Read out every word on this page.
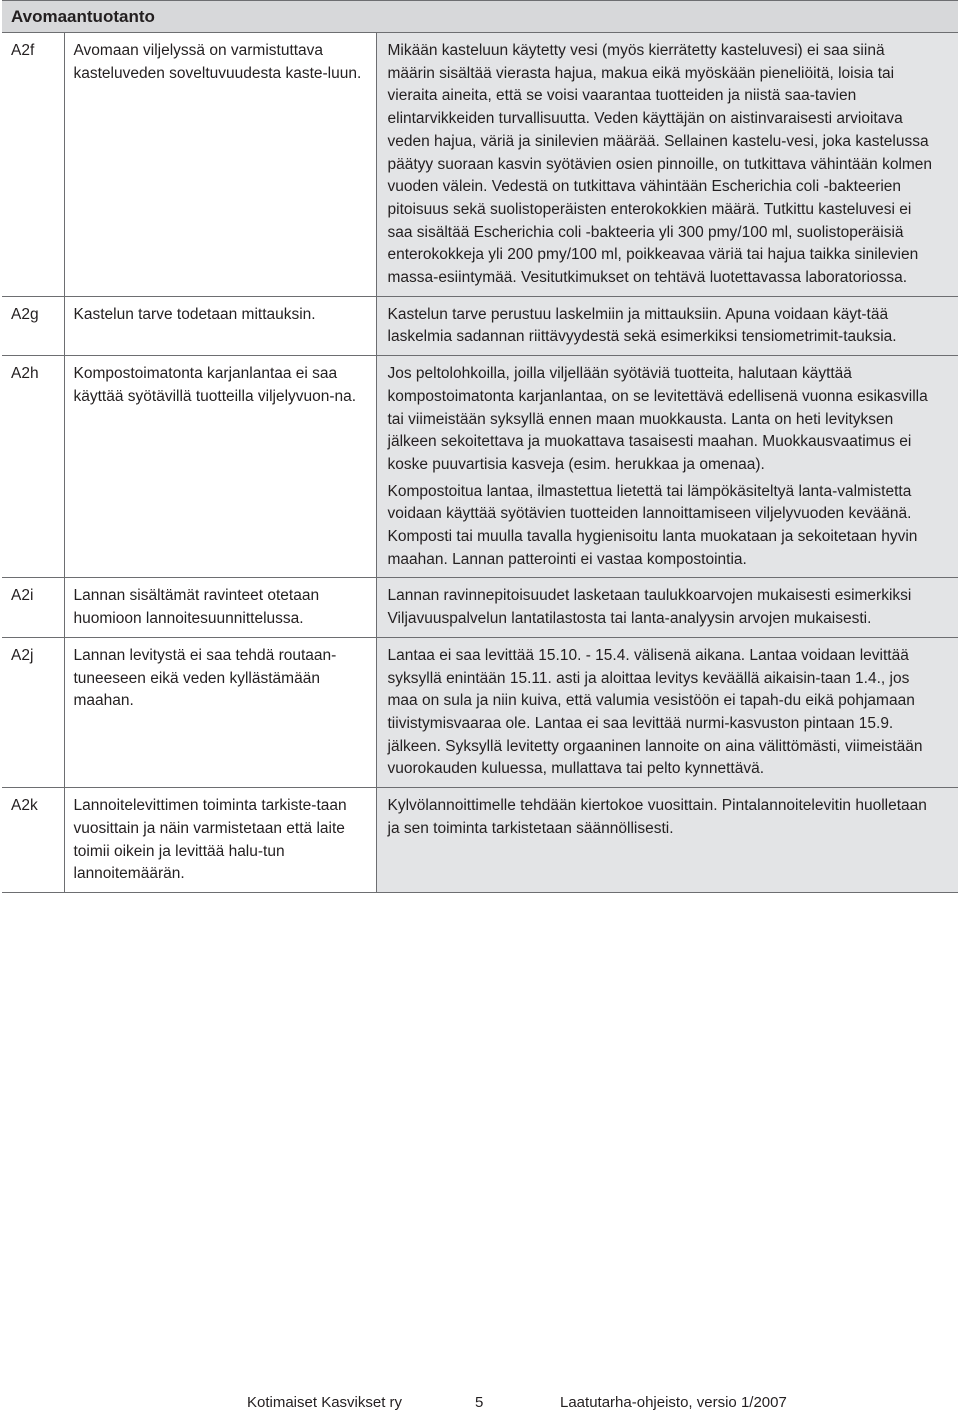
Avomaantuotanto		
A2f	Avomaan viljelyssä on varmistuttava kasteluveden soveltuvuudesta kaste-luun.	Mikään kasteluun käytetty vesi (myös kierrätetty kasteluvesi) ei saa siinä määrin sisältää vierasta hajua, makua eikä myöskään pieneliöitä, loisia tai vieraita aineita, että se voisi vaarantaa tuotteiden ja niistä saa-tavien elintarvikkeiden turvallisuutta. Veden käyttäjän on aistinvaraisesti arvioitava veden hajua, väriä ja sinilevien määrää. Sellainen kastelu-vesi, joka kastelussa päätyy suoraan kasvin syötävien osien pinnoille, on tutkittava vähintään kolmen vuoden välein. Vedestä on tutkittava vähintään Escherichia coli -bakteerien pitoisuus sekä suolistoperäisten enterokokkien määrä. Tutkittu kasteluvesi ei saa sisältää Escherichia coli -bakteeria yli 300 pmy/100 ml, suolistoperäisiä enterokokkeja yli 200 pmy/100 ml, poikkeavaa väriä tai hajua taikka sinilevien massa-esiintymää. Vesitutkimukset on tehtävä luotettavassa laboratoriossa.

A2g	Kastelun tarve todetaan mittauksin.	Kastelun tarve perustuu laskelmiin ja mittauksiin. Apuna voidaan käyt-tää laskelmia sadannan riittävyydestä sekä esimerkiksi tensiometrimit-tauksia.

A2h	Kompostoimatonta karjanlantaa ei saa käyttää syötävillä tuotteilla viljelyvuon-na.	Jos peltolohkoilla, joilla viljellään syötäviä tuotteita, halutaan käyttää kompostoimatonta karjanlantaa, on se levitettävä edellisenä vuonna esikasvilla tai viimeistään syksyllä ennen maan muokkausta. Lanta on heti levityksen jälkeen sekoitettava ja muokattava tasaisesti maahan. Muokkausvaatimus ei koske puuvartisia kasveja (esim. herukkaa ja omenaa).
Kompostoitua lantaa, ilmastettua lietettä tai lämpökäsiteltyä lanta-valmistetta voidaan käyttää syötävien tuotteiden lannoittamiseen viljelyvuoden keväänä. Komposti tai muulla tavalla hygienisoitu lanta muokataan ja sekoitetaan hyvin maahan. Lannan patterointi ei vastaa kompostointia.

A2i	Lannan sisältämät ravinteet otetaan huomioon lannoitesuunnittelussa.	Lannan ravinnepitoisuudet lasketaan taulukkoarvojen mukaisesti esimerkiksi Viljavuuspalvelun lantatilastosta tai lanta-analyysin arvojen mukaisesti.

A2j	Lannan levitystä ei saa tehdä routaan-tuneeseen eikä veden kyllästämään maahan.	Lantaa ei saa levittää 15.10. - 15.4. välisenä aikana. Lantaa voidaan levittää syksyllä enintään 15.11. asti ja aloittaa levitys keväällä aikaisin-taan 1.4., jos maa on sula ja niin kuiva, että valumia vesistöön ei tapah-du eikä pohjamaan tiivistymisvaaraa ole. Lantaa ei saa levittää nurmi-kasvuston pintaan 15.9. jälkeen. Syksyllä levitetty orgaaninen lannoite on aina välittömästi, viimeistään vuorokauden kuluessa, mullattava tai pelto kynnettävä.

A2k	Lannoitelevittimen toiminta tarkiste-taan vuosittain ja näin varmistetaan että laite toimii oikein ja levittää halu-tun lannoitemäärän.	Kylvölannoittimelle tehdään kiertokoe vuosittain. Pintalannoitelevitin huolletaan ja sen toiminta tarkistetaan säännöllisesti.
Kotimaiset Kasvikset ry	5	Laatutarha-ohjeisto, versio 1/2007
